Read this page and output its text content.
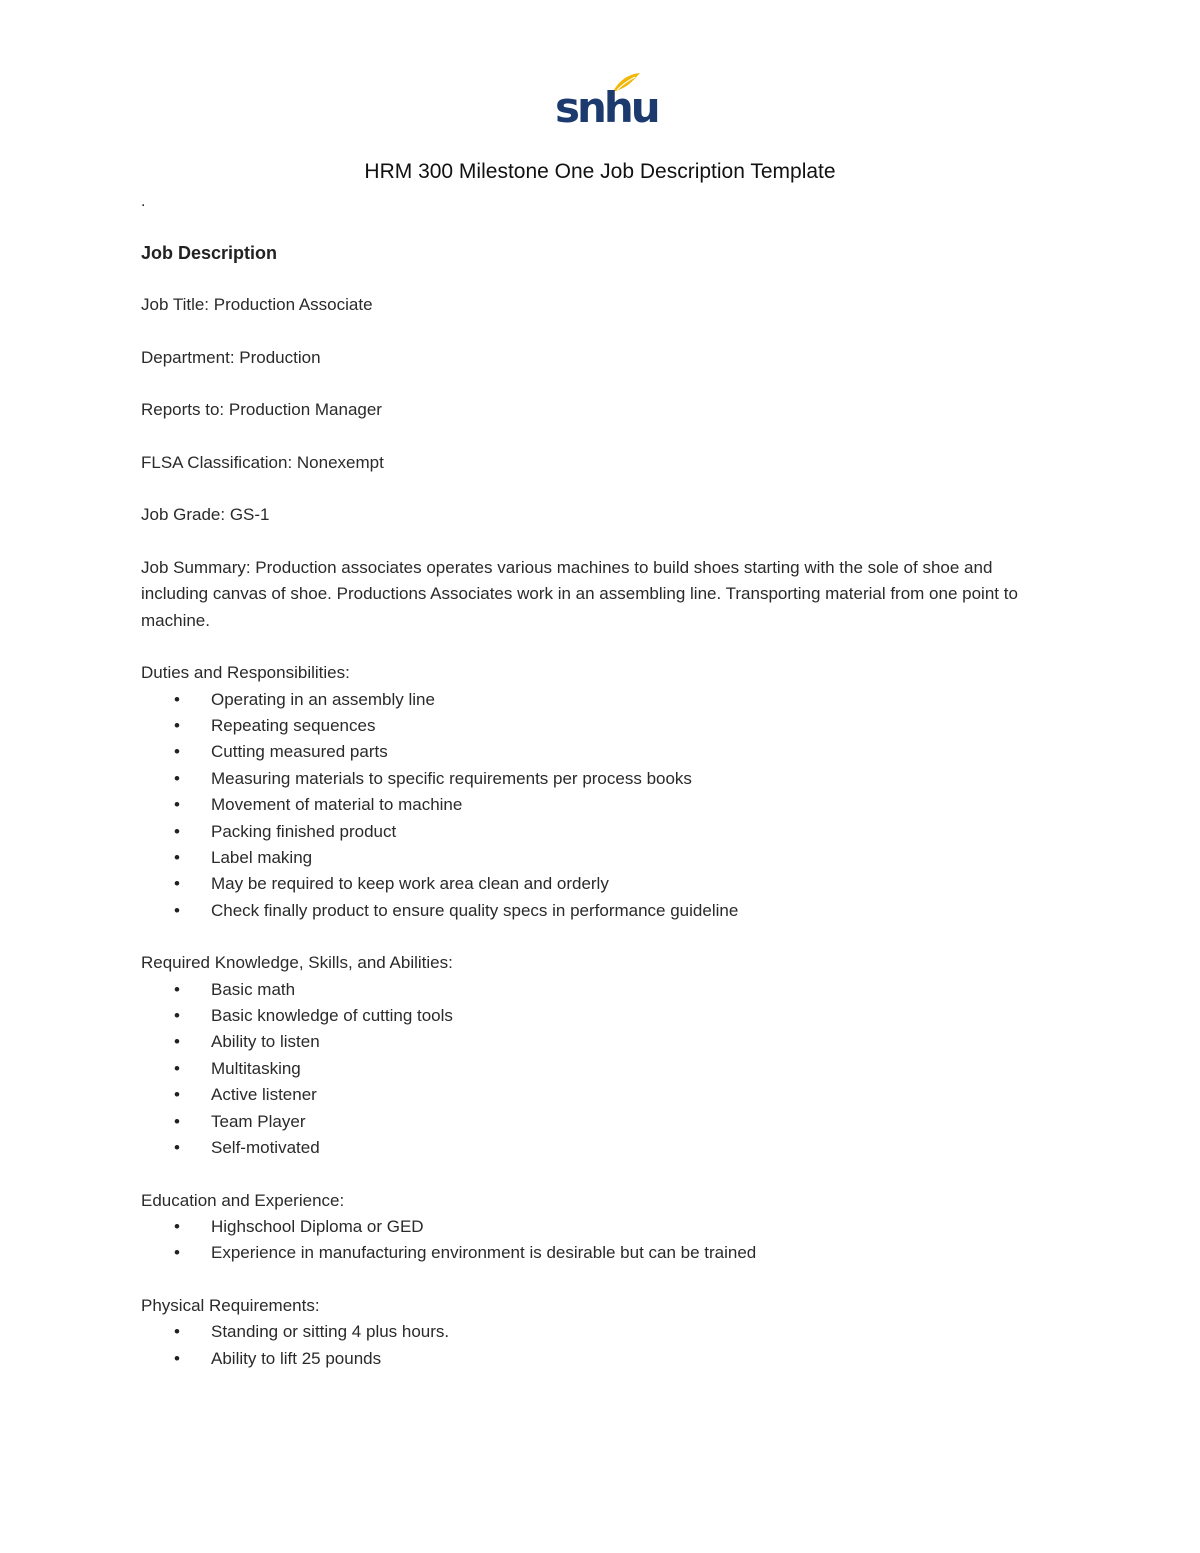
snhu
HRM 300 Milestone One Job Description Template
.
Job Description
Job Title: Production Associate
Department: Production
Reports to: Production Manager
FLSA Classification: Nonexempt
Job Grade: GS-1
Job Summary: Production associates operates various machines to build shoes starting with the sole of shoe and including canvas of shoe. Productions Associates work in an assembling line. Transporting material from one point to machine.
Duties and Responsibilities:
• Operating in an assembly line
• Repeating sequences
• Cutting measured parts
• Measuring materials to specific requirements per process books
• Movement of material to machine
• Packing finished product
• Label making
• May be required to keep work area clean and orderly
• Check finally product to ensure quality specs in performance guideline
Required Knowledge, Skills, and Abilities:
• Basic math
• Basic knowledge of cutting tools
• Ability to listen
• Multitasking
• Active listener
• Team Player
• Self-motivated
Education and Experience:
• Highschool Diploma or GED
• Experience in manufacturing environment is desirable but can be trained
Physical Requirements:
• Standing or sitting 4 plus hours.
• Ability to lift 25 pounds
